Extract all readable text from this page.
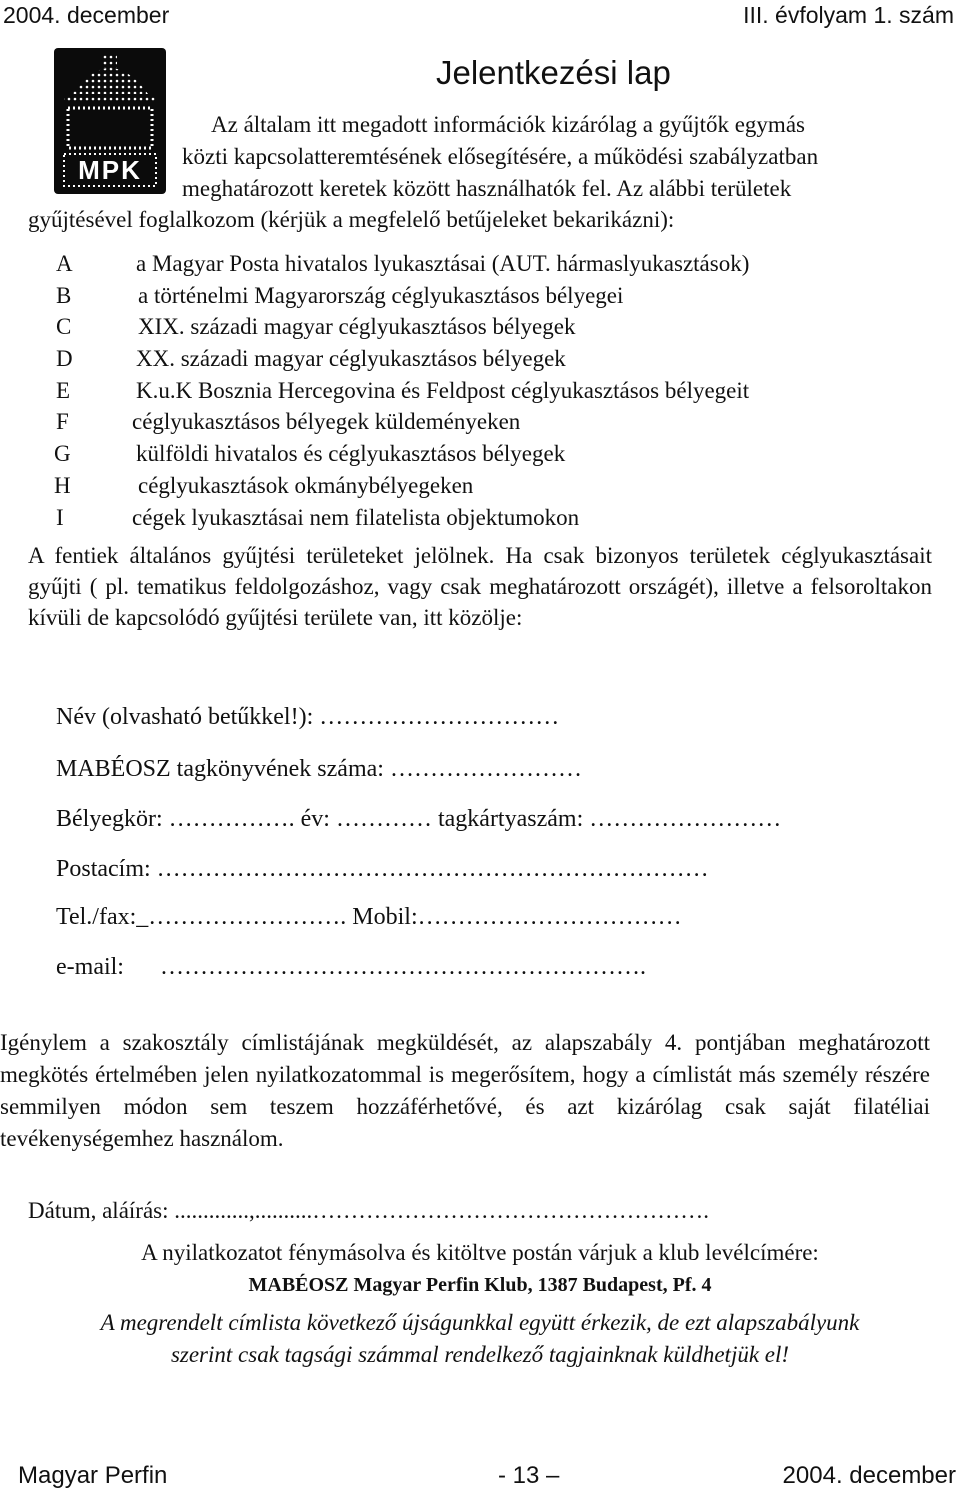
2004. december	III. évfolyam 1. szám
MPK
Jelentkezési lap
Az általam itt megadott információk kizárólag a gyűjtők egymás
közti kapcsolatteremtésének elősegítésére, a működési szabályzatban
meghatározott keretek között használhatók fel. Az alábbi területek
gyűjtésével foglalkozom (kérjük a megfelelő betűjeleket bekarikázni):
A	a Magyar Posta hivatalos lyukasztásai (AUT. hármaslyukasztások)
B	a történelmi Magyarország céglyukasztásos bélyegei
C	XIX. századi magyar céglyukasztásos bélyegek
D	XX. századi magyar céglyukasztásos bélyegek
E	K.u.K Bosznia Hercegovina és Feldpost céglyukasztásos bélyegeit
F	céglyukasztásos bélyegek küldeményeken
G	külföldi hivatalos és céglyukasztásos bélyegek
H	céglyukasztások okmánybélyegeken
I	cégek lyukasztásai nem filatelista objektumokon
A fentiek általános gyűjtési területeket jelölnek. Ha csak bizonyos területek céglyukasztásait gyűjti ( pl. tematikus feldolgozáshoz, vagy csak meghatározott országét), illetve a felsoroltakon kívüli de kapcsolódó gyűjtési területe van, itt közölje:
Név (olvasható betűkkel!): …………………………
MABÉOSZ tagkönyvének száma: ……………………
Bélyegkör: ……………. év: ………… tagkártyaszám: ……………………
Postacím: ……………………………………………………………
Tel./fax:_……………………. Mobil:……………………………
e-mail: …………………………………………………….
Igénylem a szakosztály címlistájának megküldését, az alapszabály 4. pontjában meghatározott megkötés értelmében jelen nyilatkozatommal is megerősítem, hogy a címlistát más személy részére semmilyen módon sem teszem hozzáférhetővé, és azt kizárólag csak saját filatéliai tevékenységemhez használom.
Dátum, aláírás: .............,..........…………………………………………….
A nyilatkozatot fénymásolva és kitöltve postán várjuk a klub levélcímére:
MABÉOSZ Magyar Perfin Klub, 1387 Budapest, Pf. 4
A megrendelt címlista következő újságunkkal együtt érkezik, de ezt alapszabályunk
szerint csak tagsági számmal rendelkező tagjainknak küldhetjük el!
Magyar Perfin	- 13 –	2004. december
